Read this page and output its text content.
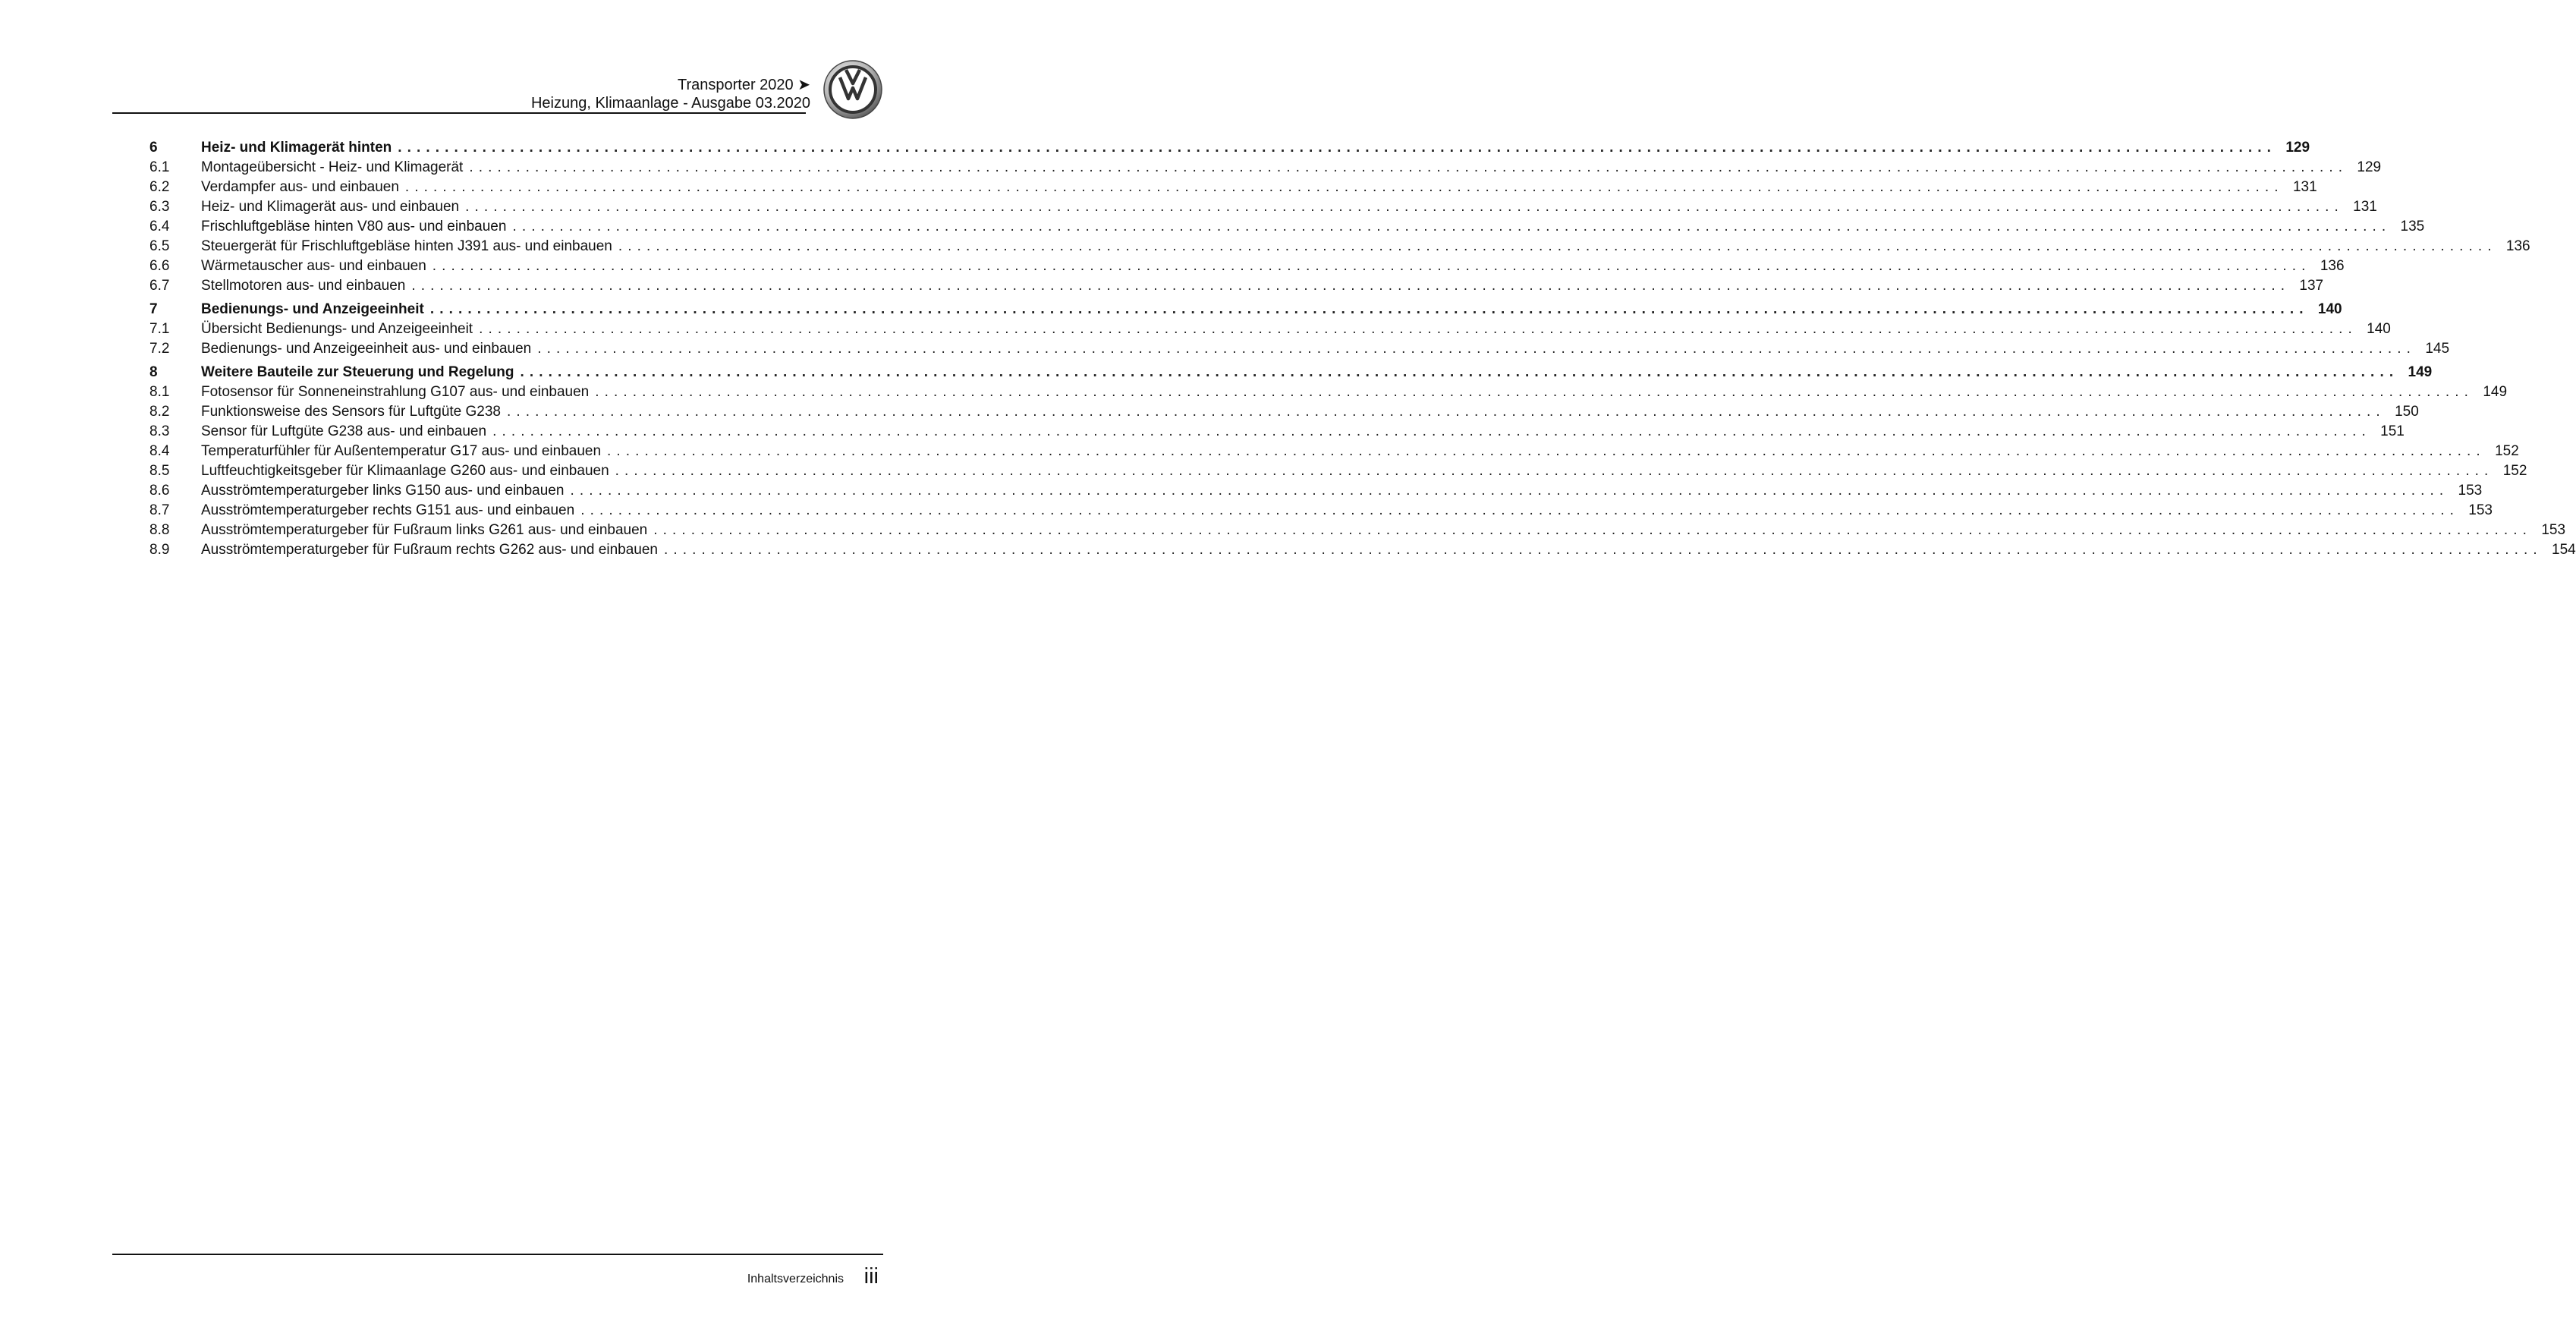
Transporter 2020 ➤
Heizung, Klimaanlage - Ausgabe 03.2020
6	Heiz- und Klimagerät hinten ........................................................................................................................................................................................................ 129
6.1	Montageübersicht - Heiz- und Klimagerät ........................................................................................................................................................................................................ 129
6.2	Verdampfer aus- und einbauen ........................................................................................................................................................................................................ 131
6.3	Heiz- und Klimagerät aus- und einbauen ........................................................................................................................................................................................................ 131
6.4	Frischluftgebläse hinten V80 aus- und einbauen ........................................................................................................................................................................................................ 135
6.5	Steuergerät für Frischluftgebläse hinten J391 aus- und einbauen ........................................................................................................................................................................................................ 136
6.6	Wärmetauscher aus- und einbauen ........................................................................................................................................................................................................ 136
6.7	Stellmotoren aus- und einbauen ........................................................................................................................................................................................................ 137
7	Bedienungs- und Anzeigeeinheit ........................................................................................................................................................................................................ 140
7.1	Übersicht Bedienungs- und Anzeigeeinheit ........................................................................................................................................................................................................ 140
7.2	Bedienungs- und Anzeigeeinheit aus- und einbauen ........................................................................................................................................................................................................ 145
8	Weitere Bauteile zur Steuerung und Regelung ........................................................................................................................................................................................................ 149
8.1	Fotosensor für Sonneneinstrahlung G107 aus- und einbauen ........................................................................................................................................................................................................ 149
8.2	Funktionsweise des Sensors für Luftgüte G238 ........................................................................................................................................................................................................ 150
8.3	Sensor für Luftgüte G238 aus- und einbauen ........................................................................................................................................................................................................ 151
8.4	Temperaturfühler für Außentemperatur G17 aus- und einbauen ........................................................................................................................................................................................................ 152
8.5	Luftfeuchtigkeitsgeber für Klimaanlage G260 aus- und einbauen ........................................................................................................................................................................................................ 152
8.6	Ausströmtemperaturgeber links G150 aus- und einbauen ........................................................................................................................................................................................................ 153
8.7	Ausströmtemperaturgeber rechts G151 aus- und einbauen ........................................................................................................................................................................................................ 153
8.8	Ausströmtemperaturgeber für Fußraum links G261 aus- und einbauen ........................................................................................................................................................................................................ 153
8.9	Ausströmtemperaturgeber für Fußraum rechts G262 aus- und einbauen ........................................................................................................................................................................................................ 154
Inhaltsverzeichnis iii
